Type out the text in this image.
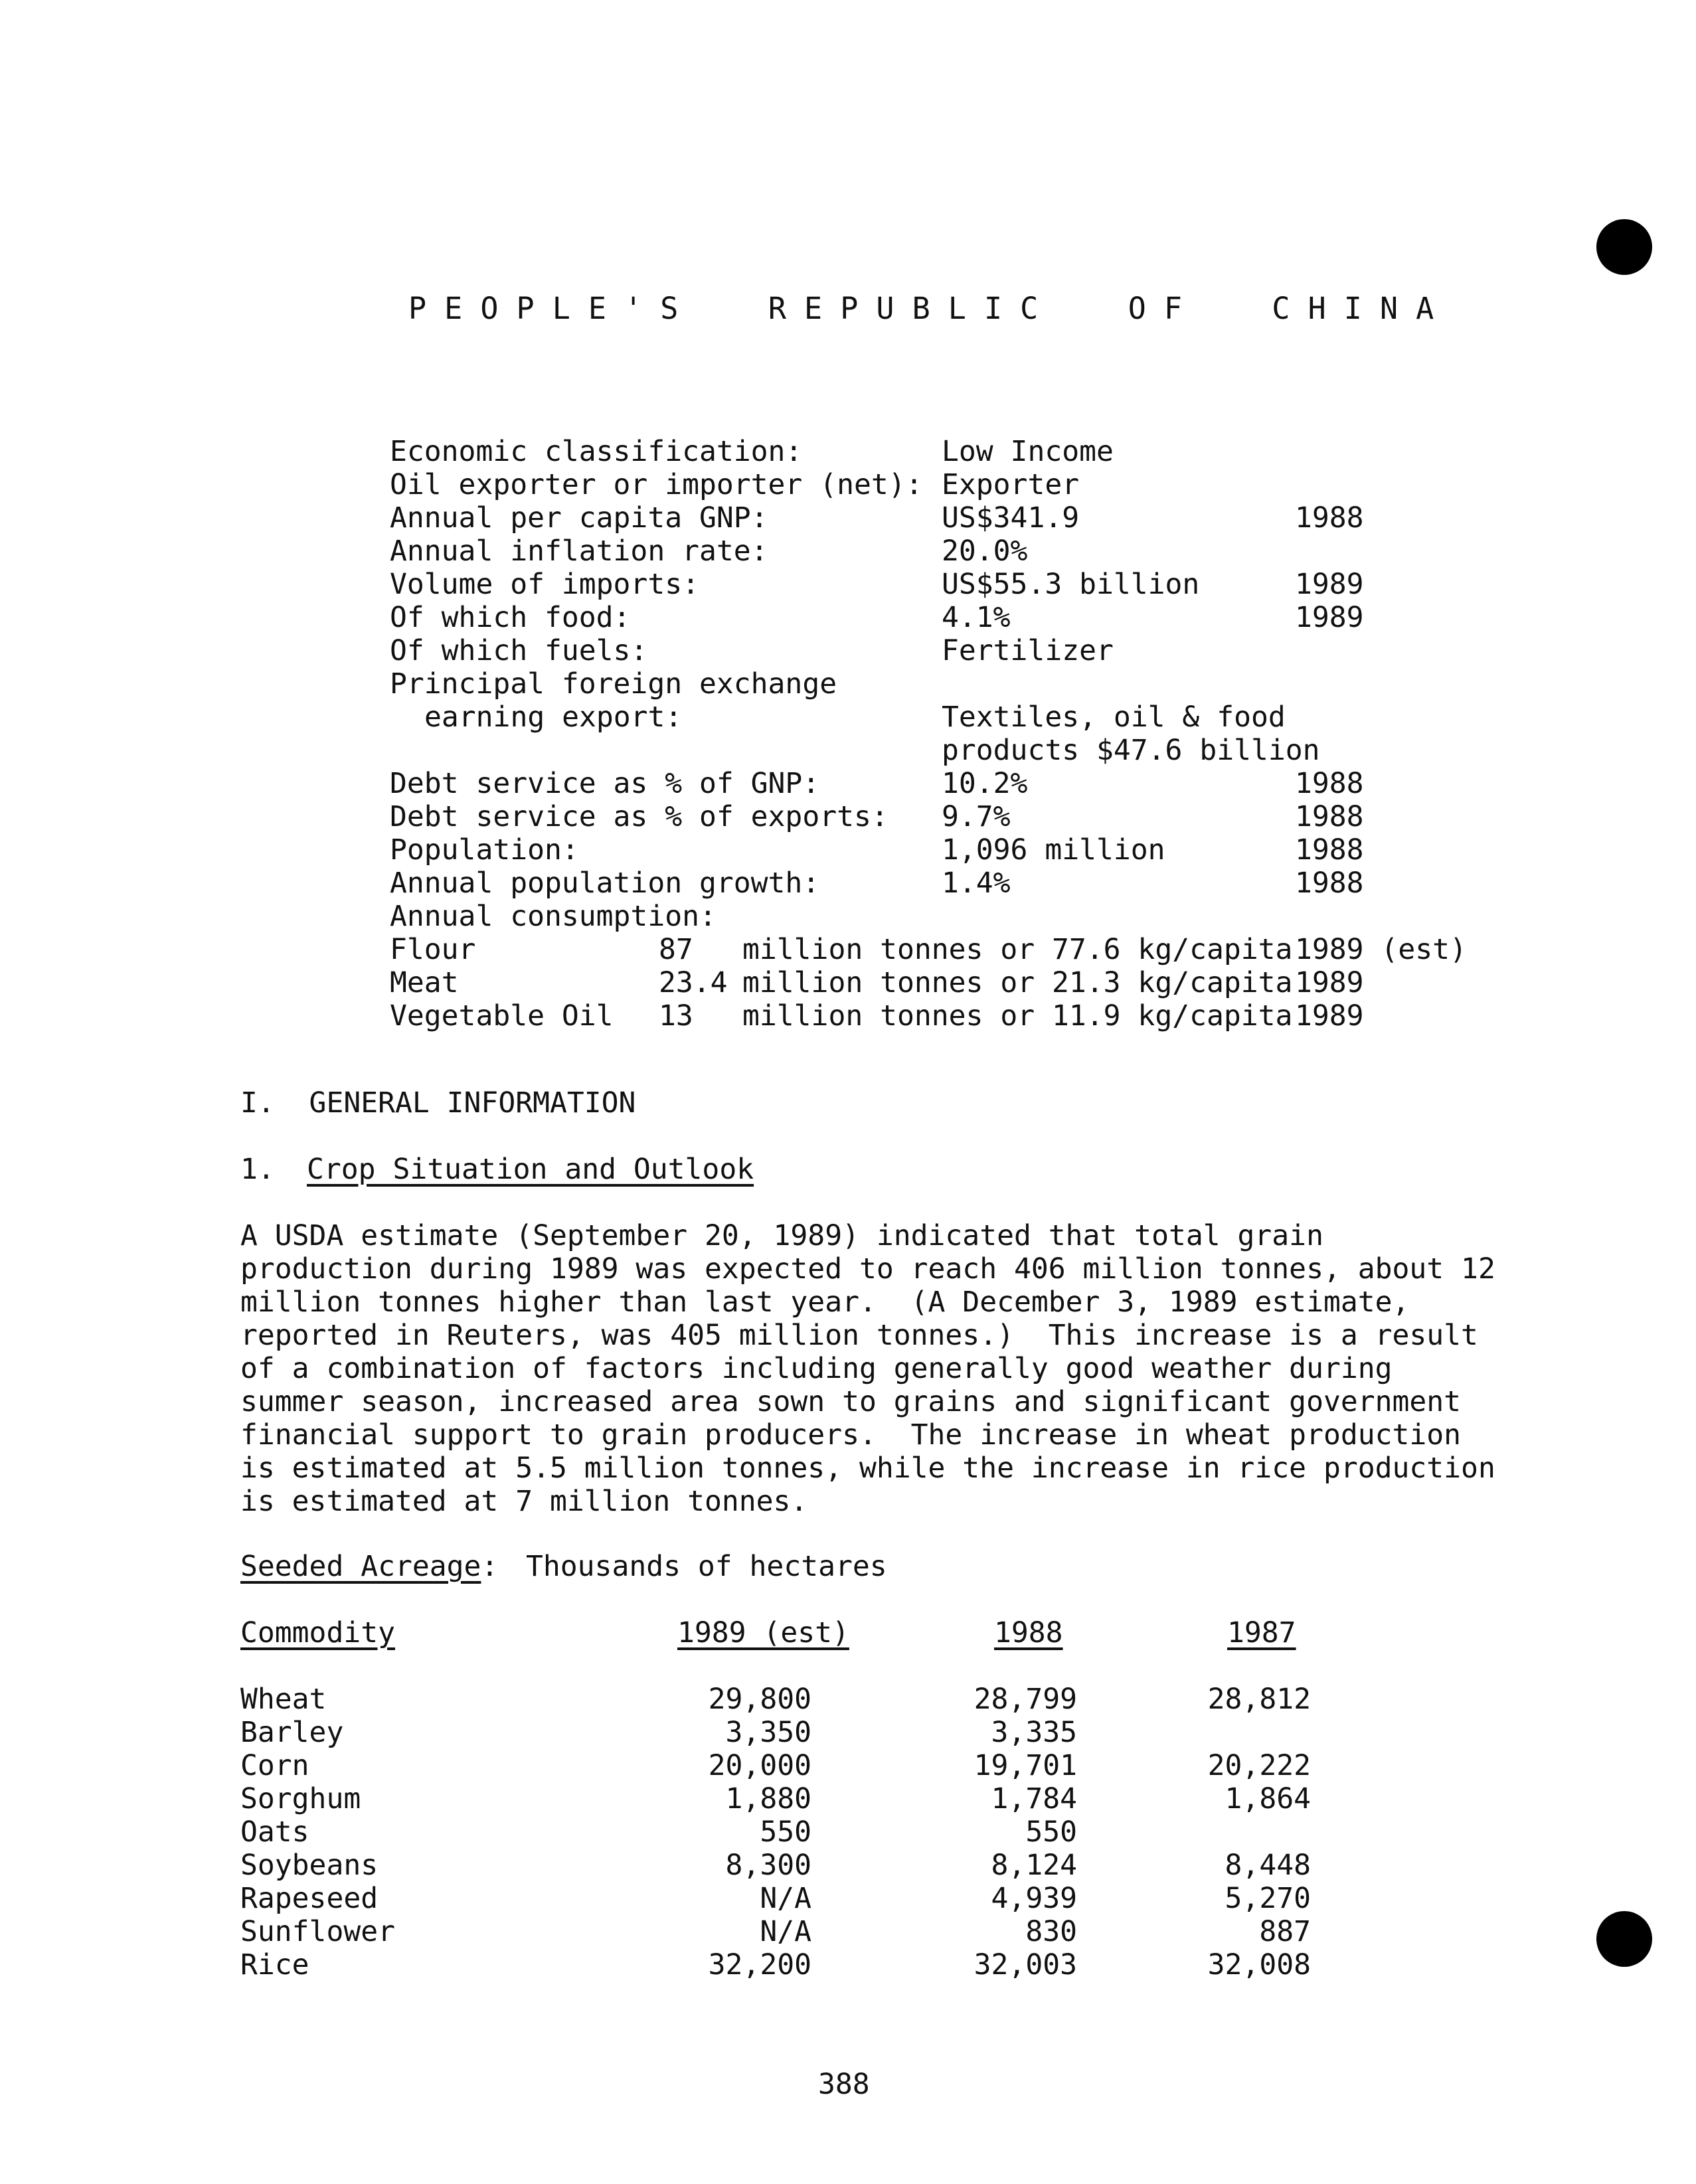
P E O P L E ' S     R E P U B L I C     O F     C H I N A
Economic classification:	Low Income
Oil exporter or importer (net): Exporter
Annual per capita GNP:	US$341.9	1988
Annual inflation rate:	20.0%
Volume of imports:	US$55.3 billion	1989
Of which food:	4.1%	1989
Of which fuels:	Fertilizer
Principal foreign exchange
earning export:	Textiles, oil & food
products $47.6 billion
Debt service as % of GNP:	10.2%	1988
Debt service as % of exports: 9.7%	1988
Population:	1,096 million	1988
Annual population growth:	1.4%	1988
Annual consumption:
Flour	87 million tonnes or 77.6 kg/capita 1989 (est)
Meat	23.4 million tonnes or 21.3 kg/capita 1989
Vegetable Oil 13 million tonnes or 11.9 kg/capita 1989
I.  GENERAL INFORMATION
1. Crop Situation and Outlook
A USDA estimate (September 20, 1989) indicated that total grain
production during 1989 was expected to reach 406 million tonnes, about 12
million tonnes higher than last year.  (A December 3, 1989 estimate,
reported in Reuters, was 405 million tonnes.)  This increase is a result
of a combination of factors including generally good weather during
summer season, increased area sown to grains and significant government
financial support to grain producers.  The increase in wheat production
is estimated at 5.5 million tonnes, while the increase in rice production
is estimated at 7 million tonnes.
Seeded Acreage: Thousands of hectares
Commodity	1989 (est)	1988	1987
Wheat	29,800	28,799	28,812
Barley	3,350	3,335
Corn	20,000	19,701	20,222
Sorghum	1,880	1,784	1,864
Oats	550	550
Soybeans	8,300	8,124	8,448
Rapeseed	N/A	4,939	5,270
Sunflower	N/A	830	887
Rice	32,200	32,003	32,008
388
